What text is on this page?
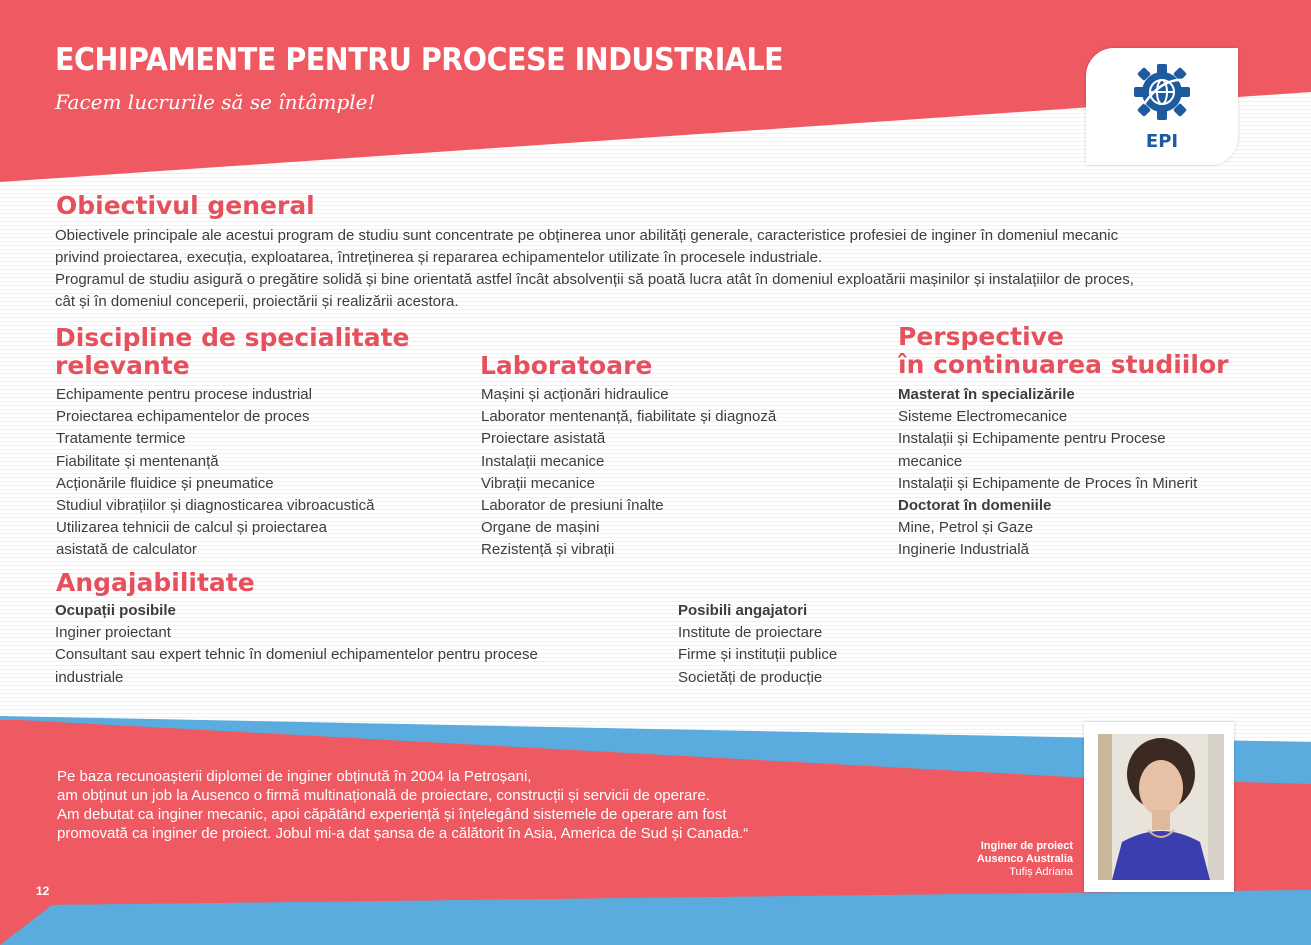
ECHIPAMENTE PENTRU PROCESE INDUSTRIALE
Facem lucrurile să se întâmple!
EPI
Obiectivul general
Obiectivele principale ale acestui program de studiu sunt concentrate pe obținerea unor abilități generale, caracteristice profesiei de inginer în domeniul mecanic
privind proiectarea, execuția, exploatarea, întreținerea și repararea echipamentelor utilizate în procesele industriale.
Programul de studiu asigură o pregătire solidă și bine orientată astfel încât absolvenții să poată lucra atât în domeniul exploatării mașinilor și instalațiilor de proces,
cât și în domeniul conceperii, proiectării și realizării acestora.
Discipline de specialitate
relevante
Echipamente pentru procese industrial
Proiectarea echipamentelor de proces
Tratamente termice
Fiabilitate și mentenanță
Acționările fluidice și pneumatice
Studiul vibrațiilor și diagnosticarea vibroacustică
Utilizarea tehnicii de calcul și proiectarea
asistată de calculator
Laboratoare
Mașini și acționări hidraulice
Laborator mentenanță, fiabilitate și diagnoză
Proiectare asistată
Instalații mecanice
Vibrații mecanice
Laborator de presiuni înalte
Organe de mașini
Rezistență și vibrații
Perspective
în continuarea studiilor
Masterat în specializările
Sisteme Electromecanice
Instalații și Echipamente pentru Procese
mecanice
Instalații și Echipamente de Proces în Minerit
Doctorat în domeniile
Mine, Petrol și Gaze
Inginerie Industrială
Angajabilitate
Ocupații posibile
Inginer proiectant
Consultant sau expert tehnic în domeniul echipamentelor pentru procese
industriale
Posibili angajatori
Institute de proiectare
Firme și instituții publice
Societăți de producție
Pe baza recunoașterii diplomei de inginer obținută în 2004 la Petroșani,
am obținut un job la Ausenco o firmă multinațională de proiectare, construcții și servicii de operare.
Am debutat ca inginer mecanic, apoi căpătând experiență și înțelegând sistemele de operare am fost
promovată ca inginer de proiect. Jobul mi-a dat șansa de a călătorit în Asia, America de Sud și Canada.“
Inginer de proiect
Ausenco Australia
Tufiș Adriana
12
